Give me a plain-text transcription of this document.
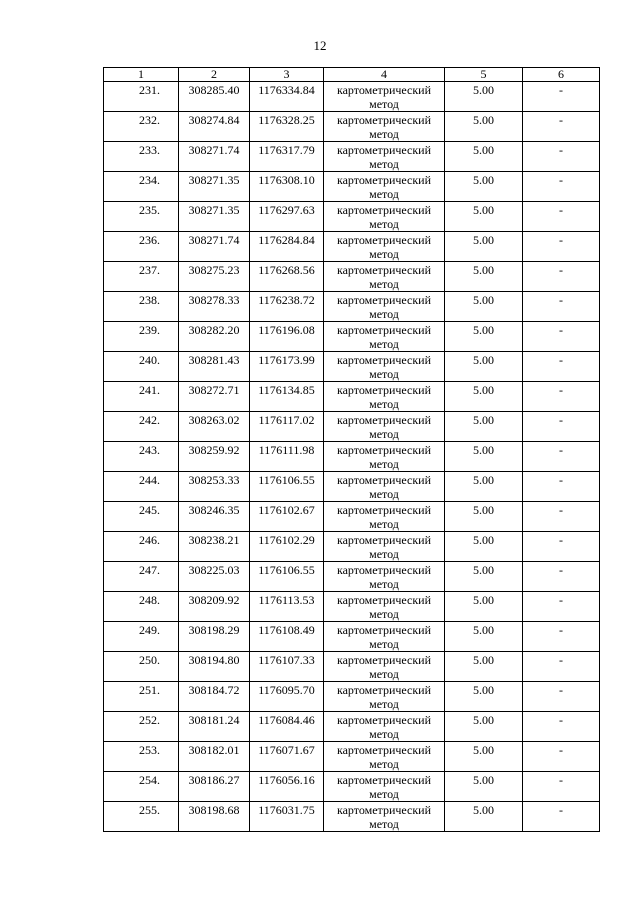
12
1	2	3	4	5	6
231.	308285.40	1176334.84	картометрический метод	5.00	-
232.	308274.84	1176328.25	картометрический метод	5.00	-
233.	308271.74	1176317.79	картометрический метод	5.00	-
234.	308271.35	1176308.10	картометрический метод	5.00	-
235.	308271.35	1176297.63	картометрический метод	5.00	-
236.	308271.74	1176284.84	картометрический метод	5.00	-
237.	308275.23	1176268.56	картометрический метод	5.00	-
238.	308278.33	1176238.72	картометрический метод	5.00	-
239.	308282.20	1176196.08	картометрический метод	5.00	-
240.	308281.43	1176173.99	картометрический метод	5.00	-
241.	308272.71	1176134.85	картометрический метод	5.00	-
242.	308263.02	1176117.02	картометрический метод	5.00	-
243.	308259.92	1176111.98	картометрический метод	5.00	-
244.	308253.33	1176106.55	картометрический метод	5.00	-
245.	308246.35	1176102.67	картометрический метод	5.00	-
246.	308238.21	1176102.29	картометрический метод	5.00	-
247.	308225.03	1176106.55	картометрический метод	5.00	-
248.	308209.92	1176113.53	картометрический метод	5.00	-
249.	308198.29	1176108.49	картометрический метод	5.00	-
250.	308194.80	1176107.33	картометрический метод	5.00	-
251.	308184.72	1176095.70	картометрический метод	5.00	-
252.	308181.24	1176084.46	картометрический метод	5.00	-
253.	308182.01	1176071.67	картометрический метод	5.00	-
254.	308186.27	1176056.16	картометрический метод	5.00	-
255.	308198.68	1176031.75	картометрический метод	5.00	-
